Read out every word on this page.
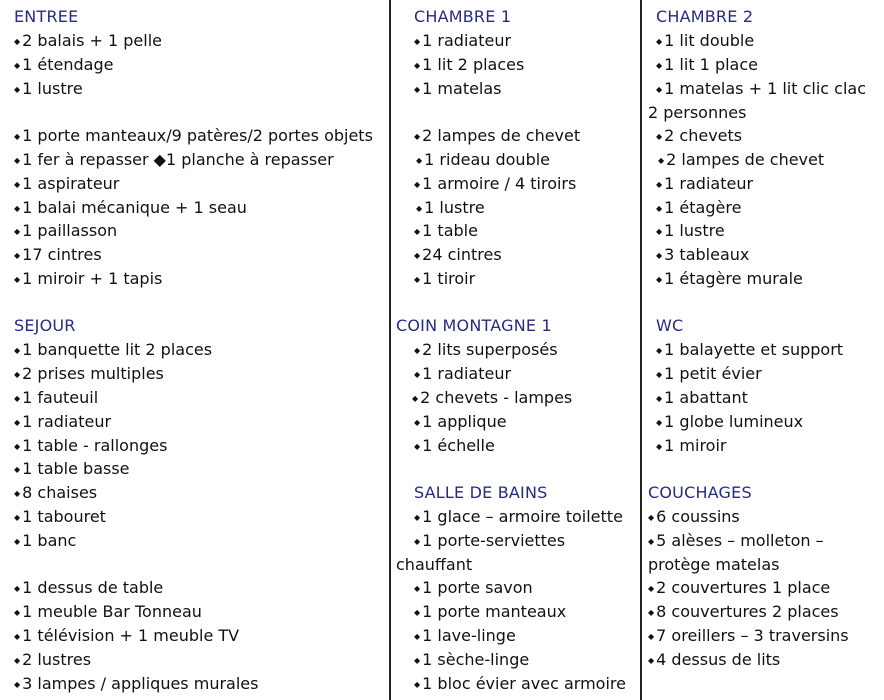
ENTREE
◆ 2 balais + 1 pelle
◆ 1 étendage
◆ 1 lustre
◆ 1 porte manteaux/9 patères/2 portes objets
◆ 1 fer à repasser ◆1 planche à repasser
◆ 1 aspirateur
◆ 1 balai mécanique + 1 seau
◆ 1 paillasson
◆ 17 cintres
◆ 1 miroir + 1 tapis
SEJOUR
◆ 1 banquette lit 2 places
◆ 2 prises multiples
◆ 1 fauteuil
◆ 1 radiateur
◆ 1 table - rallonges
◆ 1 table basse
◆ 8 chaises
◆ 1 tabouret
◆ 1 banc
◆ 1 dessus de table
◆ 1 meuble Bar Tonneau
◆ 1 télévision + 1 meuble TV
◆ 2 lustres
◆ 3 lampes / appliques murales
CHAMBRE 1
◆ 1 radiateur
◆ 1 lit 2 places
◆ 1 matelas
◆ 2 lampes de chevet
◆ 1 rideau double
◆ 1 armoire / 4 tiroirs
◆ 1 lustre
◆ 1 table
◆ 24 cintres
◆ 1 tiroir
COIN MONTAGNE 1
◆ 2 lits superposés
◆ 1 radiateur
◆ 2 chevets - lampes
◆ 1 applique
◆ 1 échelle
SALLE DE BAINS
◆ 1 glace – armoire toilette
◆ 1 porte-serviettes
chauffant
◆ 1 porte savon
◆ 1 porte manteaux
◆ 1 lave-linge
◆ 1 sèche-linge
◆ 1 bloc évier avec armoire
CHAMBRE 2
◆ 1 lit double
◆ 1 lit 1 place
◆ 1 matelas + 1 lit clic clac
2 personnes
◆ 2 chevets
◆ 2 lampes de chevet
◆ 1 radiateur
◆ 1 étagère
◆ 1 lustre
◆ 3 tableaux
◆ 1 étagère murale
WC
◆ 1 balayette et support
◆ 1 petit évier
◆ 1 abattant
◆ 1 globe lumineux
◆ 1 miroir
COUCHAGES
◆ 6 coussins
◆ 5 alèses – molleton –
protège matelas
◆ 2 couvertures 1 place
◆ 8 couvertures 2 places
◆ 7 oreillers – 3 traversins
◆ 4 dessus de lits
